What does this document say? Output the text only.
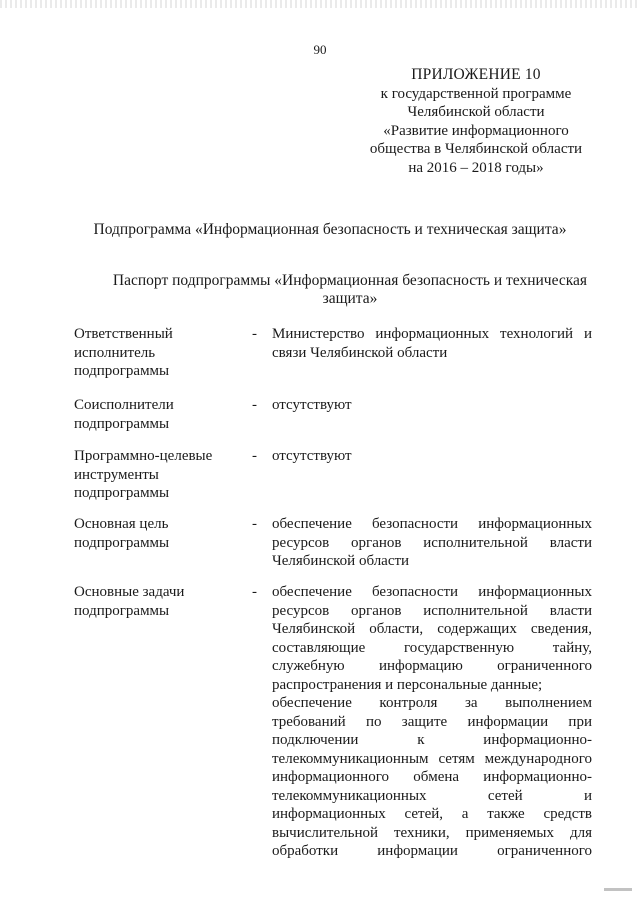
90
ПРИЛОЖЕНИЕ 10
к государственной программе
Челябинской области
«Развитие информационного
общества в Челябинской области
на 2016 – 2018 годы»
Подпрограмма «Информационная безопасность и техническая защита»
Паспорт подпрограммы «Информационная безопасность и техническая
защита»
Ответственный
исполнитель
подпрограммы
- Министерство информационных технологий и
связи Челябинской области
Соисполнители
подпрограммы
- отсутствуют
Программно-целевые
инструменты
подпрограммы
- отсутствуют
Основная цель
подпрограммы
- обеспечение безопасности информационных
ресурсов органов исполнительной власти
Челябинской области
Основные задачи
подпрограммы
- обеспечение безопасности информационных
ресурсов органов исполнительной власти
Челябинской области, содержащих сведения,
составляющие государственную тайну,
служебную информацию ограниченного
распространения и персональные данные;
обеспечение контроля за выполнением
требований по защите информации при
подключении к информационно-
телекоммуникационным сетям международного
информационного обмена информационно-
телекоммуникационных сетей и
информационных сетей, а также средств
вычислительной техники, применяемых для
обработки информации ограниченного
